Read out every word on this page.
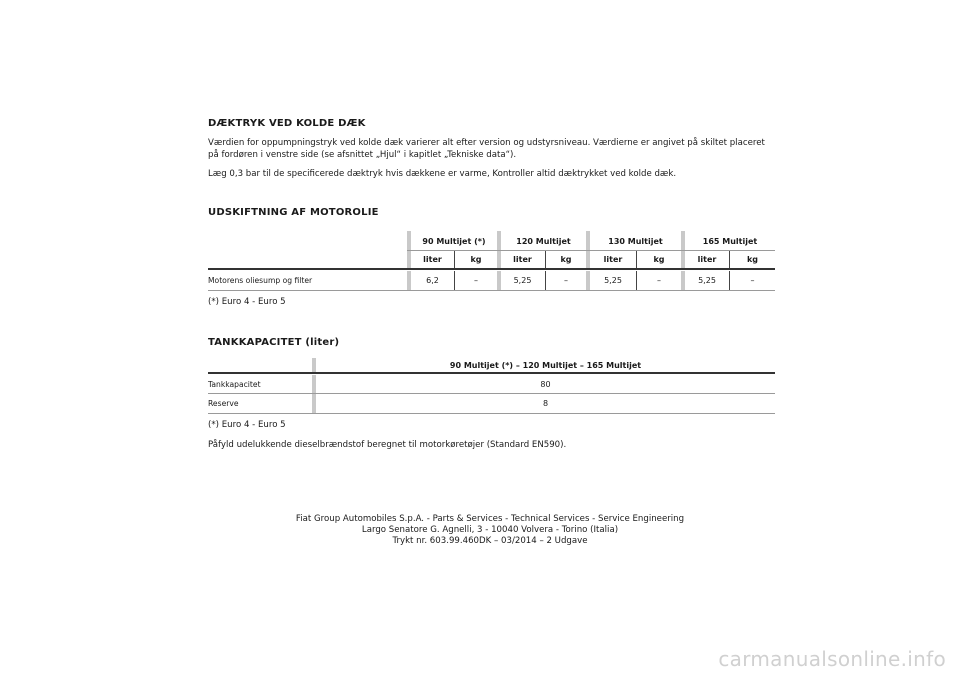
DÆKTRYK VED KOLDE DÆK

Værdien for oppumpningstryk ved kolde dæk varierer alt efter version og udstyrsniveau. Værdierne er angivet på skiltet placeret på fordøren i venstre side (se afsnittet „Hjul“ i kapitlet „Tekniske data“).

Læg 0,3 bar til de specificerede dæktryk hvis dækkene er varme, Kontroller altid dæktrykket ved kolde dæk.

UDSKIFTNING AF MOTOROLIE
90 Multijet (*)	120 Multijet	130 Multijet	165 Multijet
liter	kg	liter	kg	liter	kg	liter	kg
Motorens oliesump og filter	6,2	–	5,25	–	5,25	–	5,25	–

(*) Euro 4 - Euro 5

TANKKAPACITET (liter)
90 Multijet (*) – 120 Multijet – 165 Multijet
Tankkapacitet	80
Reserve	8

(*) Euro 4 - Euro 5

Påfyld udelukkende dieselbrændstof beregnet til motorkøretøjer (Standard EN590).

Fiat Group Automobiles S.p.A. - Parts & Services - Technical Services - Service Engineering
Largo Senatore G. Agnelli, 3 - 10040 Volvera - Torino (Italia)
Trykt nr. 603.99.460DK – 03/2014 – 2 Udgave
carmanualsonline.info
